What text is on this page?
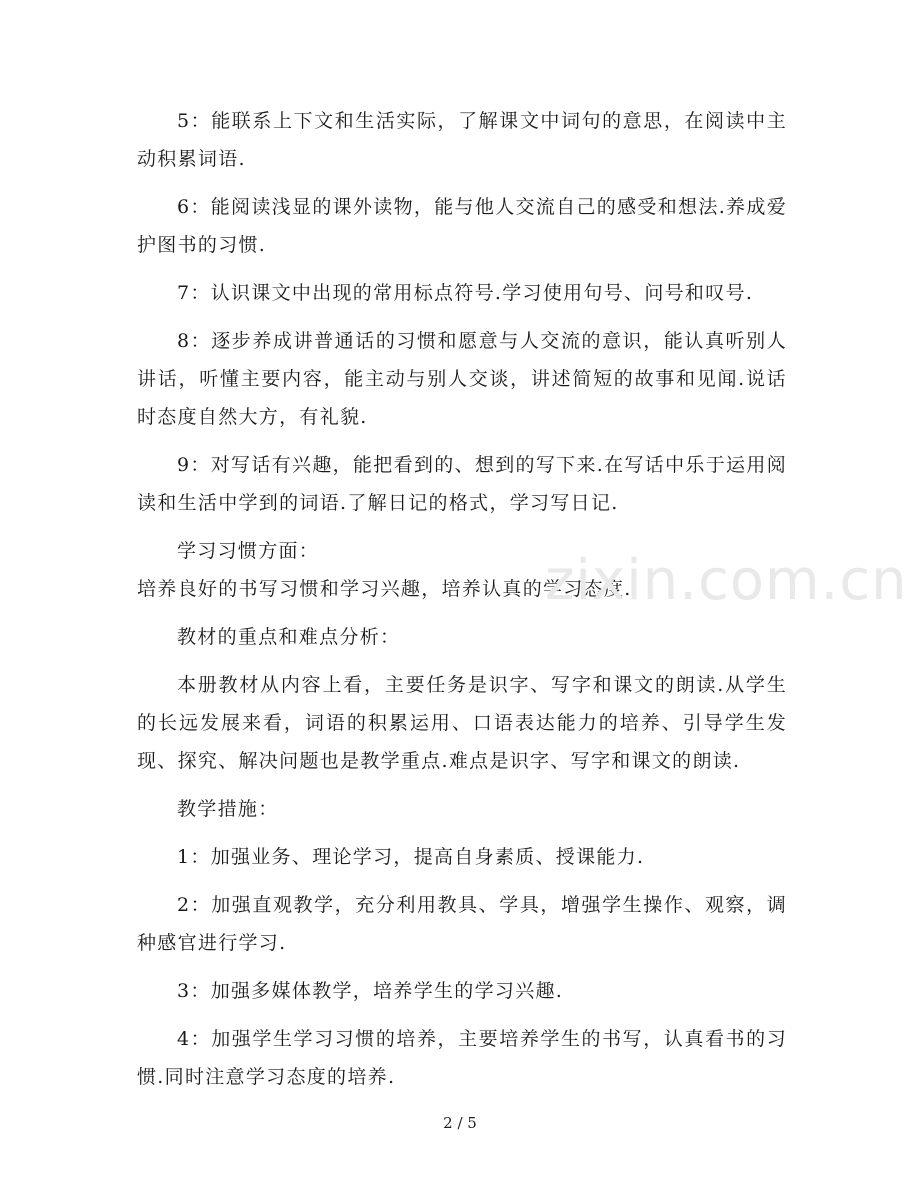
5：能联系上下文和生活实际，了解课文中词句的意思，在阅读中主动积累词语.

6：能阅读浅显的课外读物，能与他人交流自己的感受和想法.养成爱护图书的习惯.

7：认识课文中出现的常用标点符号.学习使用句号、问号和叹号.

8：逐步养成讲普通话的习惯和愿意与人交流的意识，能认真听别人讲话，听懂主要内容，能主动与别人交谈，讲述简短的故事和见闻.说话时态度自然大方，有礼貌.

9：对写话有兴趣，能把看到的、想到的写下来.在写话中乐于运用阅读和生活中学到的词语.了解日记的格式，学习写日记.

学习习惯方面：

培养良好的书写习惯和学习兴趣，培养认真的学习态度.

教材的重点和难点分析：

本册教材从内容上看，主要任务是识字、写字和课文的朗读.从学生的长远发展来看，词语的积累运用、口语表达能力的培养、引导学生发现、探究、解决问题也是教学重点.难点是识字、写字和课文的朗读.

教学措施：

1：加强业务、理论学习，提高自身素质、授课能力.

2：加强直观教学，充分利用教具、学具，增强学生操作、观察，调种感官进行学习.

3：加强多媒体教学，培养学生的学习兴趣.

4：加强学生学习习惯的培养，主要培养学生的书写，认真看书的习惯.同时注意学习态度的培养.

zixin.com.cn
2 / 5
